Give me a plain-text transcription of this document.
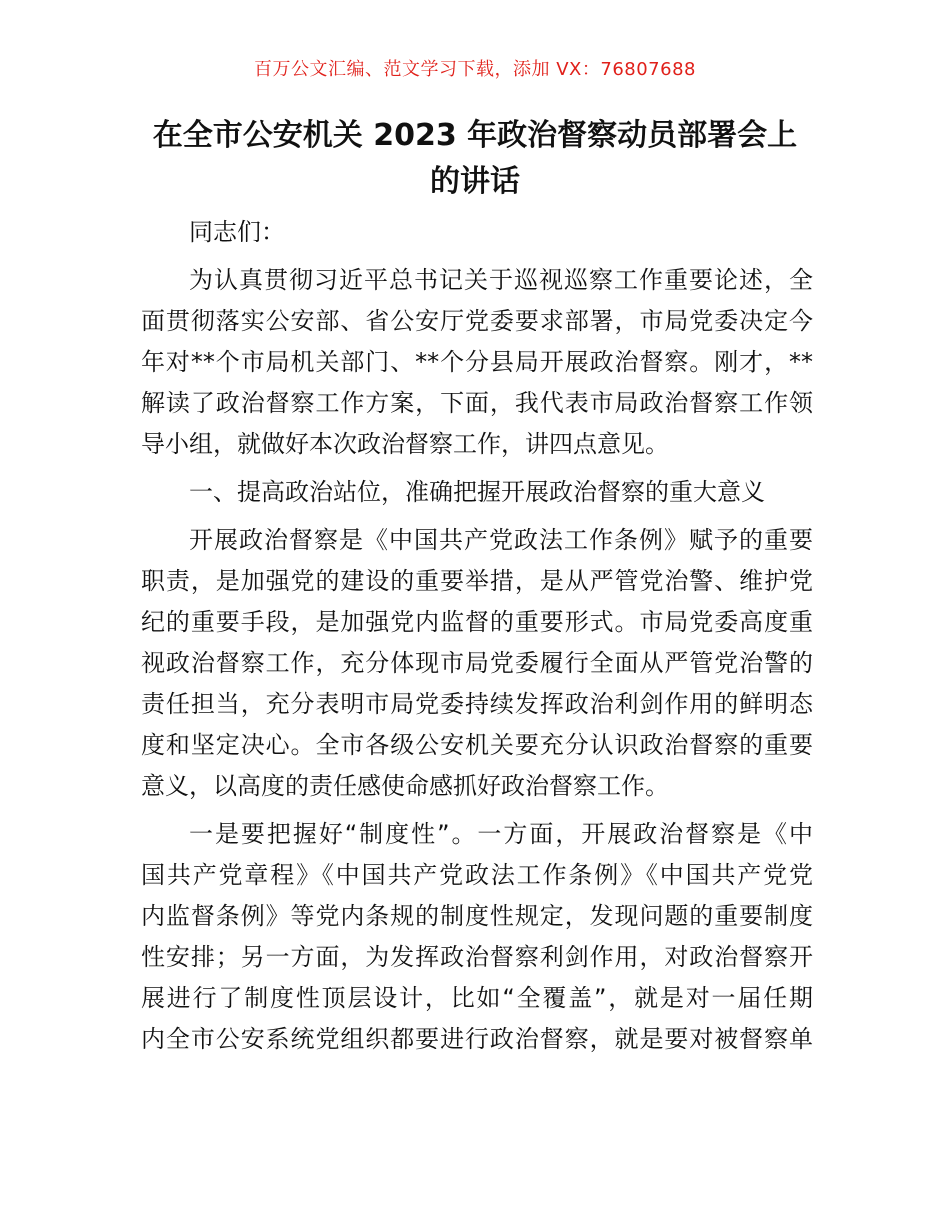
百万公文汇编、范文学习下载，添加 VX：76807688
在全市公安机关 2023 年政治督察动员部署会上
的讲话

同志们：

为认真贯彻习近平总书记关于巡视巡察工作重要论述，全
面贯彻落实公安部、省公安厅党委要求部署，市局党委决定今
年对**个市局机关部门、**个分县局开展政治督察。刚才，**
解读了政治督察工作方案，下面，我代表市局政治督察工作领
导小组，就做好本次政治督察工作，讲四点意见。

一、提高政治站位，准确把握开展政治督察的重大意义

开展政治督察是《中国共产党政法工作条例》赋予的重要
职责，是加强党的建设的重要举措，是从严管党治警、维护党
纪的重要手段，是加强党内监督的重要形式。市局党委高度重
视政治督察工作，充分体现市局党委履行全面从严管党治警的
责任担当，充分表明市局党委持续发挥政治利剑作用的鲜明态
度和坚定决心。全市各级公安机关要充分认识政治督察的重要
意义，以高度的责任感使命感抓好政治督察工作。

一是要把握好“制度性”。一方面，开展政治督察是《中
国共产党章程》《中国共产党政法工作条例》《中国共产党党
内监督条例》等党内条规的制度性规定，发现问题的重要制度
性安排；另一方面，为发挥政治督察利剑作用，对政治督察开
展进行了制度性顶层设计，比如“全覆盖”，就是对一届任期
内全市公安系统党组织都要进行政治督察，就是要对被督察单
